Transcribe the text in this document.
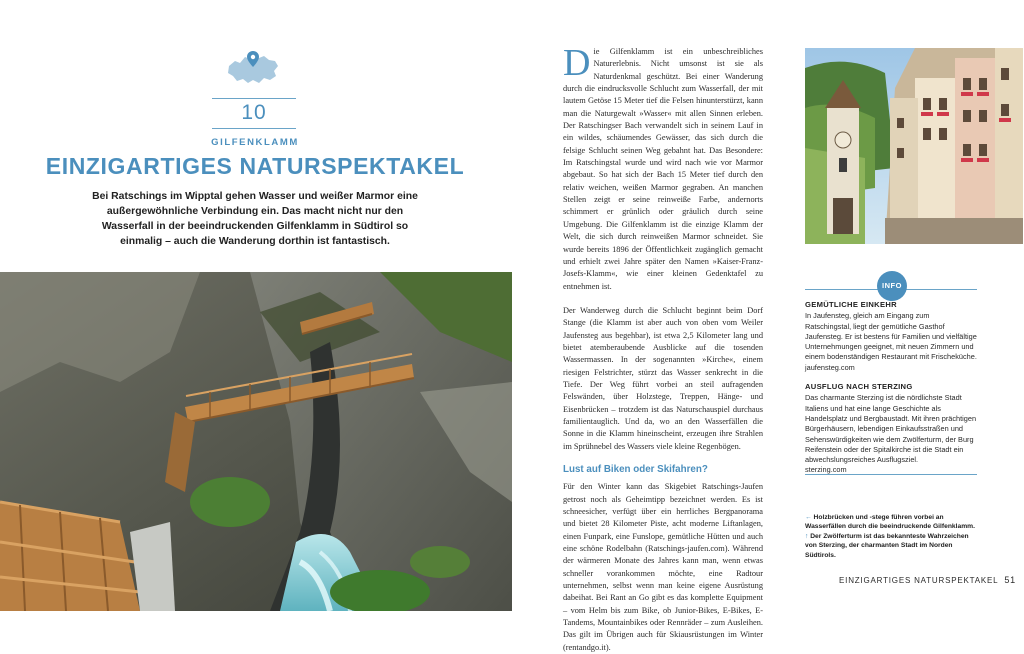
10
GILFENKLAMM
EINZIGARTIGES NATURSPEKTAKEL
Bei Ratschings im Wipptal gehen Wasser und weißer Marmor eine außergewöhnliche Verbindung ein. Das macht nicht nur den Wasserfall in der beeindruckenden Gilfenklamm in Südtirol so einmalig – auch die Wanderung dorthin ist fantastisch.

Die Gilfenklamm ist ein unbeschreibliches Naturerlebnis. Nicht umsonst ist sie als Naturdenkmal geschützt. Bei einer Wanderung durch die eindrucksvolle Schlucht zum Wasserfall, der mit lautem Getöse 15 Meter tief die Felsen hinunterstürzt, kann man die Naturgewalt »Wasser« mit allen Sinnen erleben. Der Ratschingser Bach verwandelt sich in seinem Lauf in ein wildes, schäumendes Gewässer, das sich durch die felsige Schlucht seinen Weg gebahnt hat. Das Besondere: Im Ratschingstal wurde und wird nach wie vor Marmor abgebaut. So hat sich der Bach 15 Meter tief durch den relativ weichen, weißen Marmor gegraben. An manchen Stellen zeigt er seine reinweiße Farbe, andernorts schimmert er grünlich oder gräulich durch seine Umgebung. Die Gilfenklamm ist die einzige Klamm der Welt, die sich durch reinweißen Marmor schneidet. Sie wurde bereits 1896 der Öffentlichkeit zugänglich gemacht und erhielt zwei Jahre später den Namen »Kaiser-Franz-Josefs-Klamm«, wie einer kleinen Gedenktafel zu entnehmen ist.

Der Wanderweg durch die Schlucht beginnt beim Dorf Stange (die Klamm ist aber auch von oben vom Weiler Jaufensteg aus begehbar), ist etwa 2,5 Kilometer lang und bietet atemberaubende Ausblicke auf die tosenden Wassermassen. In der sogenannten »Kirche«, einem riesigen Felstrichter, stürzt das Wasser senkrecht in die Tiefe. Der Weg führt vorbei an steil aufragenden Felswänden, über Holzstege, Treppen, Hänge- und Eisenbrücken – trotzdem ist das Naturschauspiel durchaus familientauglich. Und da, wo an den Wasserfällen die Sonne in die Klamm hineinscheint, erzeugen ihre Strahlen im Sprühnebel des Wassers viele kleine Regenbögen.

Lust auf Biken oder Skifahren?

Für den Winter kann das Skigebiet Ratschings-Jaufen getrost noch als Geheimtipp bezeichnet werden. Es ist schneesicher, verfügt über ein herrliches Bergpanorama und bietet 28 Kilometer Piste, acht moderne Liftanlagen, einen Funpark, eine Funslope, gemütliche Hütten und auch eine schöne Rodelbahn (Ratschings-jaufen.com). Während der wärmeren Monate des Jahres kann man, wenn etwas schneller vorankommen möchte, eine Radtour unternehmen, selbst wenn man keine eigene Ausrüstung dabeihat. Bei Rant an Go gibt es das komplette Equipment – vom Helm bis zum Bike, ob Junior-Bikes, E-Bikes, E-Tandems, Mountainbikes oder Rennräder – zum Ausleihen. Das gilt im Übrigen auch für Skiausrüstungen im Winter (rentandgo.it).

INFO
GEMÜTLICHE EINKEHR

In Jaufensteg, gleich am Eingang zum Ratschingstal, liegt der gemütliche Gasthof Jaufensteg. Er ist bestens für Familien und vielfältige Unternehmungen geeignet, mit neuen Zimmern und einem bodenständigen Restaurant mit Frischeküche.
jaufensteg.com

AUSFLUG NACH STERZING

Das charmante Sterzing ist die nördlichste Stadt Italiens und hat eine lange Geschichte als Handelsplatz und Bergbaustadt. Mit ihren prächtigen Bürgerhäusern, lebendigen Einkaufsstraßen und Sehenswürdigkeiten wie dem Zwölferturm, der Burg Reifenstein oder der Spitalkirche ist die Stadt ein abwechslungsreiches Ausflugsziel.
sterzing.com

← Holzbrücken und -stege führen vorbei an Wasserfällen durch die beeindruckende Gilfenklamm.
↑ Der Zwölferturm ist das bekannteste Wahrzeichen von Sterzing, der charmanten Stadt im Norden Südtirols.
EINZIGARTIGES NATURSPEKTAKEL 51
